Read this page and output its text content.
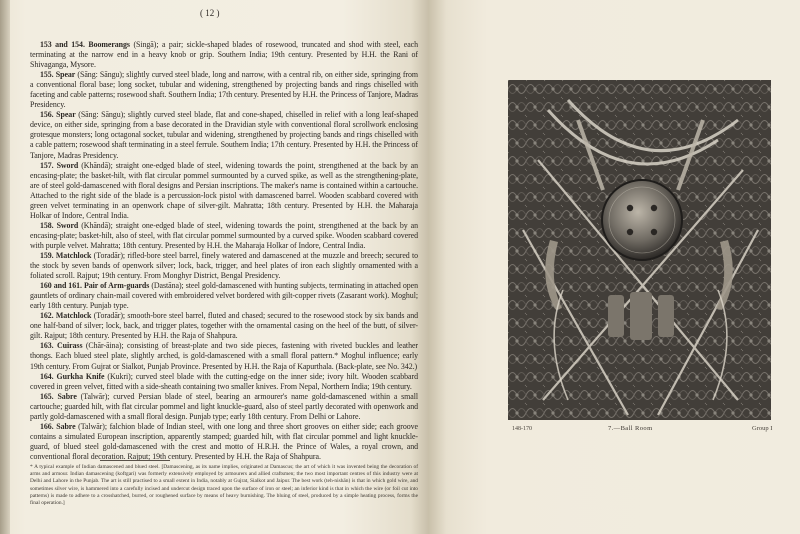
( 12 )

153 and 154. Boomerangs (Singā); a pair; sickle-shaped blades of rosewood, truncated and shod with steel, each terminating at the narrow end in a heavy knob or grip. Southern India; 19th century. Presented by H.H. the Rani of Shivaganga, Mysore.

155. Spear (Sāng: Sāngu); slightly curved steel blade, long and narrow, with a central rib, on either side, springing from a conventional floral base; long socket, tubular and widening, strengthened by projecting bands and rings chiselled with faceting and cable patterns; rosewood shaft. Southern India; 17th century. Presented by H.H. the Princess of Tanjore, Madras Presidency.

156. Spear (Sāng: Sāngu); slightly curved steel blade, flat and cone-shaped, chiselled in relief with a long leaf-shaped device, on either side, springing from a base decorated in the Dravidian style with conventional floral scrollwork enclosing grotesque monsters; long octagonal socket, tubular and widening, strengthened by projecting bands and rings chiselled with a cable pattern; rosewood shaft terminating in a steel ferrule. Southern India; 17th century. Presented by H.H. the Princess of Tanjore, Madras Presidency.

157. Sword (Khāndā); straight one-edged blade of steel, widening towards the point, strengthened at the back by an encasing-plate; the basket-hilt, with flat circular pommel surmounted by a curved spike, as well as the strengthening-plate, are of steel gold-damascened with floral designs and Persian inscriptions. The maker's name is contained within a cartouche. Attached to the right side of the blade is a percussion-lock pistol with damascened barrel. Wooden scabbard covered with green velvet terminating in an openwork chape of silver-gilt. Mahratta; 18th century. Presented by H.H. the Maharaja Holkar of Indore, Central India.

158. Sword (Khāndā); straight one-edged blade of steel, widening towards the point, strengthened at the back by an encasing-plate; basket-hilt, also of steel, with flat circular pommel surmounted by a curved spike. Wooden scabbard covered with purple velvet. Mahratta; 18th century. Presented by H.H. the Maharaja Holkar of Indore, Central India.

159. Matchlock (Toradār); rifled-bore steel barrel, finely watered and damascened at the muzzle and breech; secured to the stock by seven bands of openwork silver; lock, back, trigger, and heel plates of iron each slightly ornamented with a foliated scroll. Rajput; 19th century. From Monghyr District, Bengal Presidency.

160 and 161. Pair of Arm-guards (Dastāna); steel gold-damascened with hunting subjects, terminating in attached open gauntlets of ordinary chain-mail covered with embroidered velvet bordered with gilt-copper rivets (Zasarant work). Moghul; early 18th century. Punjab type.

162. Matchlock (Toradār); smooth-bore steel barrel, fluted and chased; secured to the rosewood stock by six bands and one half-band of silver; lock, back, and trigger plates, together with the ornamental casing on the heel of the butt, of silver-gilt. Rajput; 18th century. Presented by H.H. the Raja of Shahpura.

163. Cuirass (Chār-āina); consisting of breast-plate and two side pieces, fastening with riveted buckles and leather thongs. Each blued steel plate, slightly arched, is gold-damascened with a small floral pattern.* Moghul influence; early 19th century. From Gujrat or Sialkot, Punjab Province. Presented by H.H. the Raja of Kapurthala. (Back-plate, see No. 342.)

164. Gurkha Knife (Kukri); curved steel blade with the cutting-edge on the inner side; ivory hilt. Wooden scabbard covered in green velvet, fitted with a side-sheath containing two smaller knives. From Nepal, Northern India; 19th century.

165. Sabre (Talwār); curved Persian blade of steel, bearing an armourer's name gold-damascened within a small cartouche; guarded hilt, with flat circular pommel and light knuckle-guard, also of steel partly decorated with openwork and partly gold-damascened with a small floral design. Punjab type; early 18th century. From Delhi or Lahore.

166. Sabre (Talwār); falchion blade of Indian steel, with one long and three short grooves on either side; each groove contains a simulated European inscription, apparently stamped; guarded hilt, with flat circular pommel and light knuckle-guard, of blued steel gold-damascened with the crest and motto of H.R.H. the Prince of Wales, a royal crown, and conventional floral decoration. Rajput; 19th century. Presented by H.H. the Raja of Shahpura.

* A typical example of Indian damascened and blued steel. [Damascening, as its name implies, originated at Damascus; the art of which it was invented being the decoration of arms and armour. Indian damascening (koftgari) was formerly extensively employed by armourers and allied craftsmen; the two most important centres of this industry were at Delhi and Lahore in the Punjab. The art is still practised to a small extent in India, notably at Gujrat, Sialkot and Jaipur. The best work (teh-nishān) is that in which gold wire, and sometimes silver wire, is hammered into a carefully incised and undercut design traced upon the surface of iron or steel; an inferior kind is that in which the wire (or foil cut into patterns) is made to adhere to a crosshatched, burred, or roughened surface by means of heavy burnishing. The bluing of steel, produced by a simple heating process, forms the final operation.]
148-170	7.—Ball Room	Group I
